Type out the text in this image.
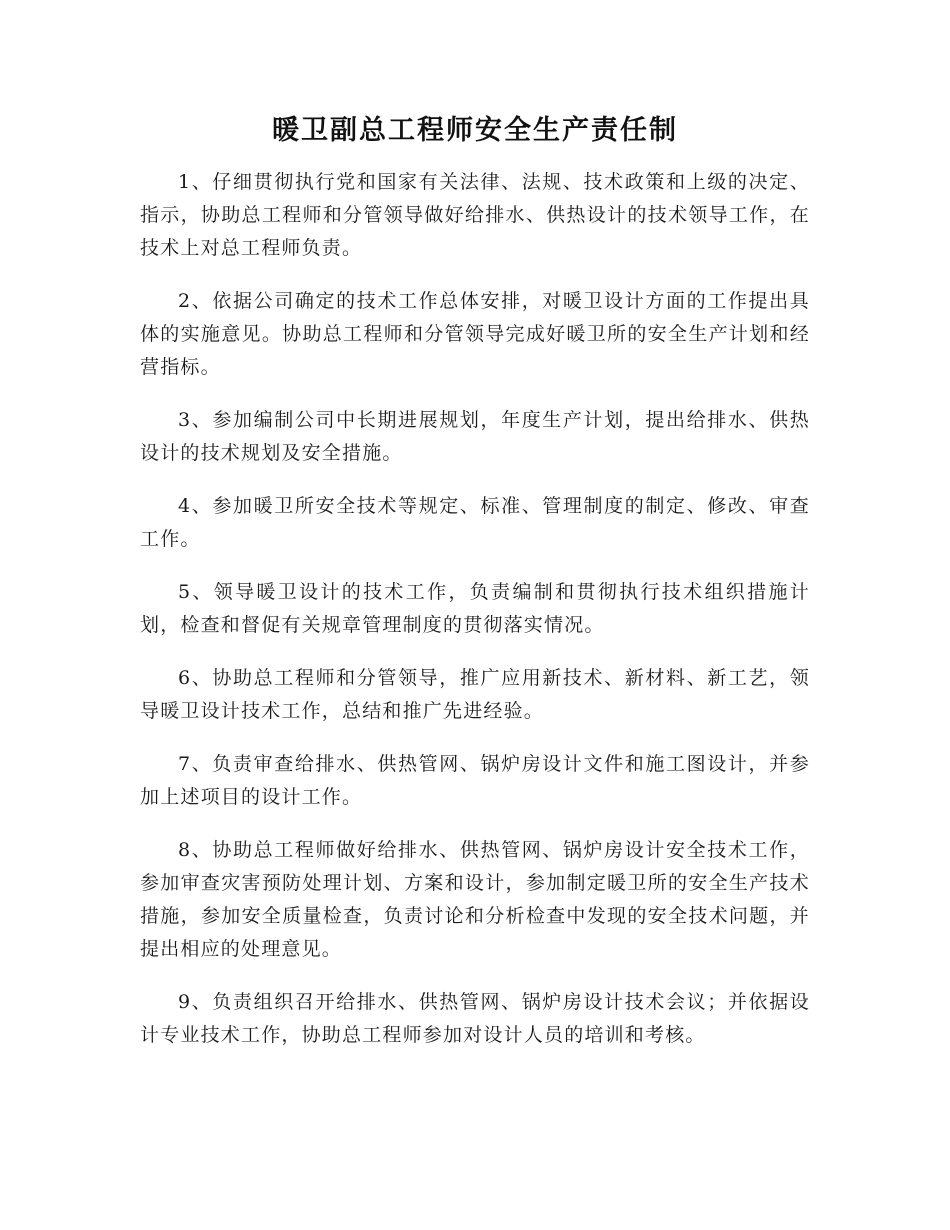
暖卫副总工程师安全生产责任制

1、仔细贯彻执行党和国家有关法律、法规、技术政策和上级的决定、指示，协助总工程师和分管领导做好给排水、供热设计的技术领导工作，在技术上对总工程师负责。

2、依据公司确定的技术工作总体安排，对暖卫设计方面的工作提出具体的实施意见。协助总工程师和分管领导完成好暖卫所的安全生产计划和经营指标。

3、参加编制公司中长期进展规划，年度生产计划，提出给排水、供热设计的技术规划及安全措施。

4、参加暖卫所安全技术等规定、标准、管理制度的制定、修改、审查工作。

5、领导暖卫设计的技术工作，负责编制和贯彻执行技术组织措施计划，检查和督促有关规章管理制度的贯彻落实情况。

6、协助总工程师和分管领导，推广应用新技术、新材料、新工艺，领导暖卫设计技术工作，总结和推广先进经验。

7、负责审查给排水、供热管网、锅炉房设计文件和施工图设计，并参加上述项目的设计工作。

8、协助总工程师做好给排水、供热管网、锅炉房设计安全技术工作，参加审查灾害预防处理计划、方案和设计，参加制定暖卫所的安全生产技术措施，参加安全质量检查，负责讨论和分析检查中发现的安全技术问题，并提出相应的处理意见。

9、负责组织召开给排水、供热管网、锅炉房设计技术会议；并依据设计专业技术工作，协助总工程师参加对设计人员的培训和考核。
